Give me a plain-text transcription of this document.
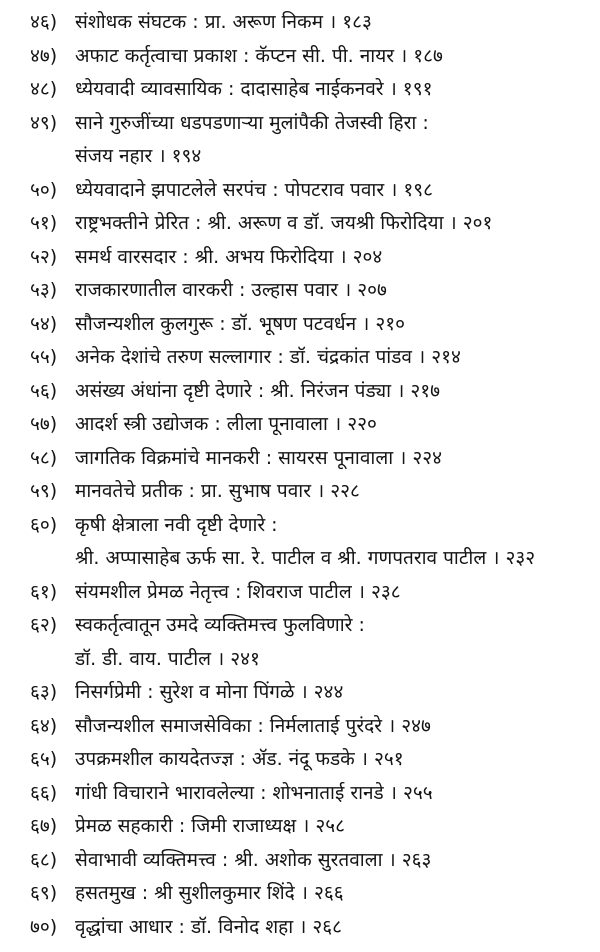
४६) संशोधक संघटक : प्रा. अरूण निकम । १८३
४७) अफाट कर्तृत्वाचा प्रकाश : कॅप्टन सी. पी. नायर । १८७
४८) ध्येयवादी व्यावसायिक : दादासाहेब नाईकनवरे । १९१
४९) साने गुरुजींच्या धडपडणाऱ्या मुलांपैकी तेजस्वी हिरा :
संजय नहार । १९४
५०) ध्येयवादाने झपाटलेले सरपंच : पोपटराव पवार । १९८
५१) राष्ट्रभक्तीने प्रेरित : श्री. अरूण व डॉ. जयश्री फिरोदिया । २०१
५२) समर्थ वारसदार : श्री. अभय फिरोदिया । २०४
५३) राजकारणातील वारकरी : उल्हास पवार । २०७
५४) सौजन्यशील कुलगुरू : डॉ. भूषण पटवर्धन । २१०
५५) अनेक देशांचे तरुण सल्लागार : डॉ. चंद्रकांत पांडव । २१४
५६) असंख्य अंधांना दृष्टी देणारे : श्री. निरंजन पंड्या । २१७
५७) आदर्श स्त्री उद्योजक : लीला पूनावाला । २२०
५८) जागतिक विक्रमांचे मानकरी : सायरस पूनावाला । २२४
५९) मानवतेचे प्रतीक : प्रा. सुभाष पवार । २२८
६०) कृषी क्षेत्राला नवी दृष्टी देणारे :
श्री. अप्पासाहेब ऊर्फ सा. रे. पाटील व श्री. गणपतराव पाटील । २३२
६१) संयमशील प्रेमळ नेतृत्त्व : शिवराज पाटील । २३८
६२) स्वकर्तृत्वातून उमदे व्यक्तिमत्त्व फुलविणारे :
डॉ. डी. वाय. पाटील । २४१
६३) निसर्गप्रेमी : सुरेश व मोना पिंगळे । २४४
६४) सौजन्यशील समाजसेविका : निर्मलाताई पुरंदरे । २४७
६५) उपक्रमशील कायदेतज्ज्ञ : ॲड. नंदू फडके । २५१
६६) गांधी विचाराने भारावलेल्या : शोभनाताई रानडे । २५५
६७) प्रेमळ सहकारी : जिमी राजाध्यक्ष । २५८
६८) सेवाभावी व्यक्तिमत्त्व : श्री. अशोक सुरतवाला । २६३
६९) हसतमुख : श्री सुशीलकुमार शिंदे । २६६
७०) वृद्धांचा आधार : डॉ. विनोद शहा । २६८
